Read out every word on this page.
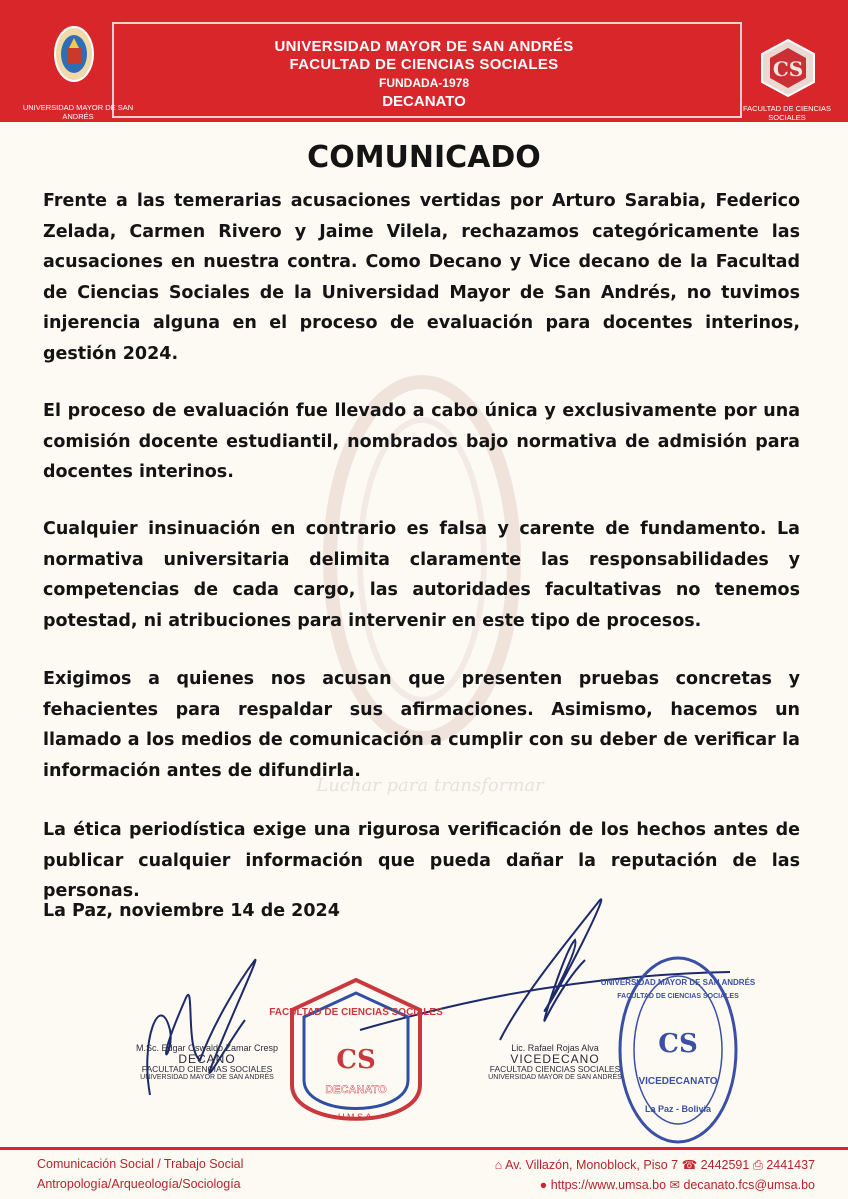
UNIVERSIDAD MAYOR DE SAN ANDRÉS
UNIVERSIDAD MAYOR DE SAN ANDRÉS
FACULTAD DE CIENCIAS SOCIALES
FUNDADA-1978
DECANATO
CS
FACULTAD DE CIENCIAS SOCIALES
Luchar para transformar
COMUNICADO
Frente a las temerarias acusaciones vertidas por Arturo Sarabia, Federico Zelada, Carmen Rivero y Jaime Vilela, rechazamos categóricamente las acusaciones en nuestra contra. Como Decano y Vice decano de la Facultad de Ciencias Sociales de la Universidad Mayor de San Andrés, no tuvimos injerencia alguna en el proceso de evaluación para docentes interinos, gestión 2024.
El proceso de evaluación fue llevado a cabo única y exclusivamente por una comisión docente estudiantil, nombrados bajo normativa de admisión para docentes interinos.
Cualquier insinuación en contrario es falsa y carente de fundamento. La normativa universitaria delimita claramente las responsabilidades y competencias de cada cargo, las autoridades facultativas no tenemos potestad, ni atribuciones para intervenir en este tipo de procesos.
Exigimos a quienes nos acusan que presenten pruebas concretas y fehacientes para respaldar sus afirmaciones. Asimismo, hacemos un llamado a los medios de comunicación a cumplir con su deber de verificar la información antes de difundirla.
La ética periodística exige una rigurosa verificación de los hechos antes de publicar cualquier información que pueda dañar la reputación de las personas.
La Paz, noviembre 14 de 2024
FACULTAD DE CIENCIAS SOCIALES
CS
DECANATO
U.M.S.A.
UNIVERSIDAD MAYOR DE SAN ANDRÉS
FACULTAD DE CIENCIAS SOCIALES
CS
VICEDECANATO
La Paz - Bolivia
M.Sc. Edgar Oswaldo Zamar Cresp
DECANO
FACULTAD CIENCIAS SOCIALES
UNIVERSIDAD MAYOR DE SAN ANDRÉS
Lic. Rafael Rojas Alva
VICEDECANO
FACULTAD CIENCIAS SOCIALES
UNIVERSIDAD MAYOR DE SAN ANDRÉS
Comunicación Social / Trabajo Social
Antropología/Arqueología/Sociología
⌂ Av. Villazón, Monoblock, Piso 7 ☎ 2442591 ⎙ 2441437
● https://www.umsa.bo ✉ decanato.fcs@umsa.bo
